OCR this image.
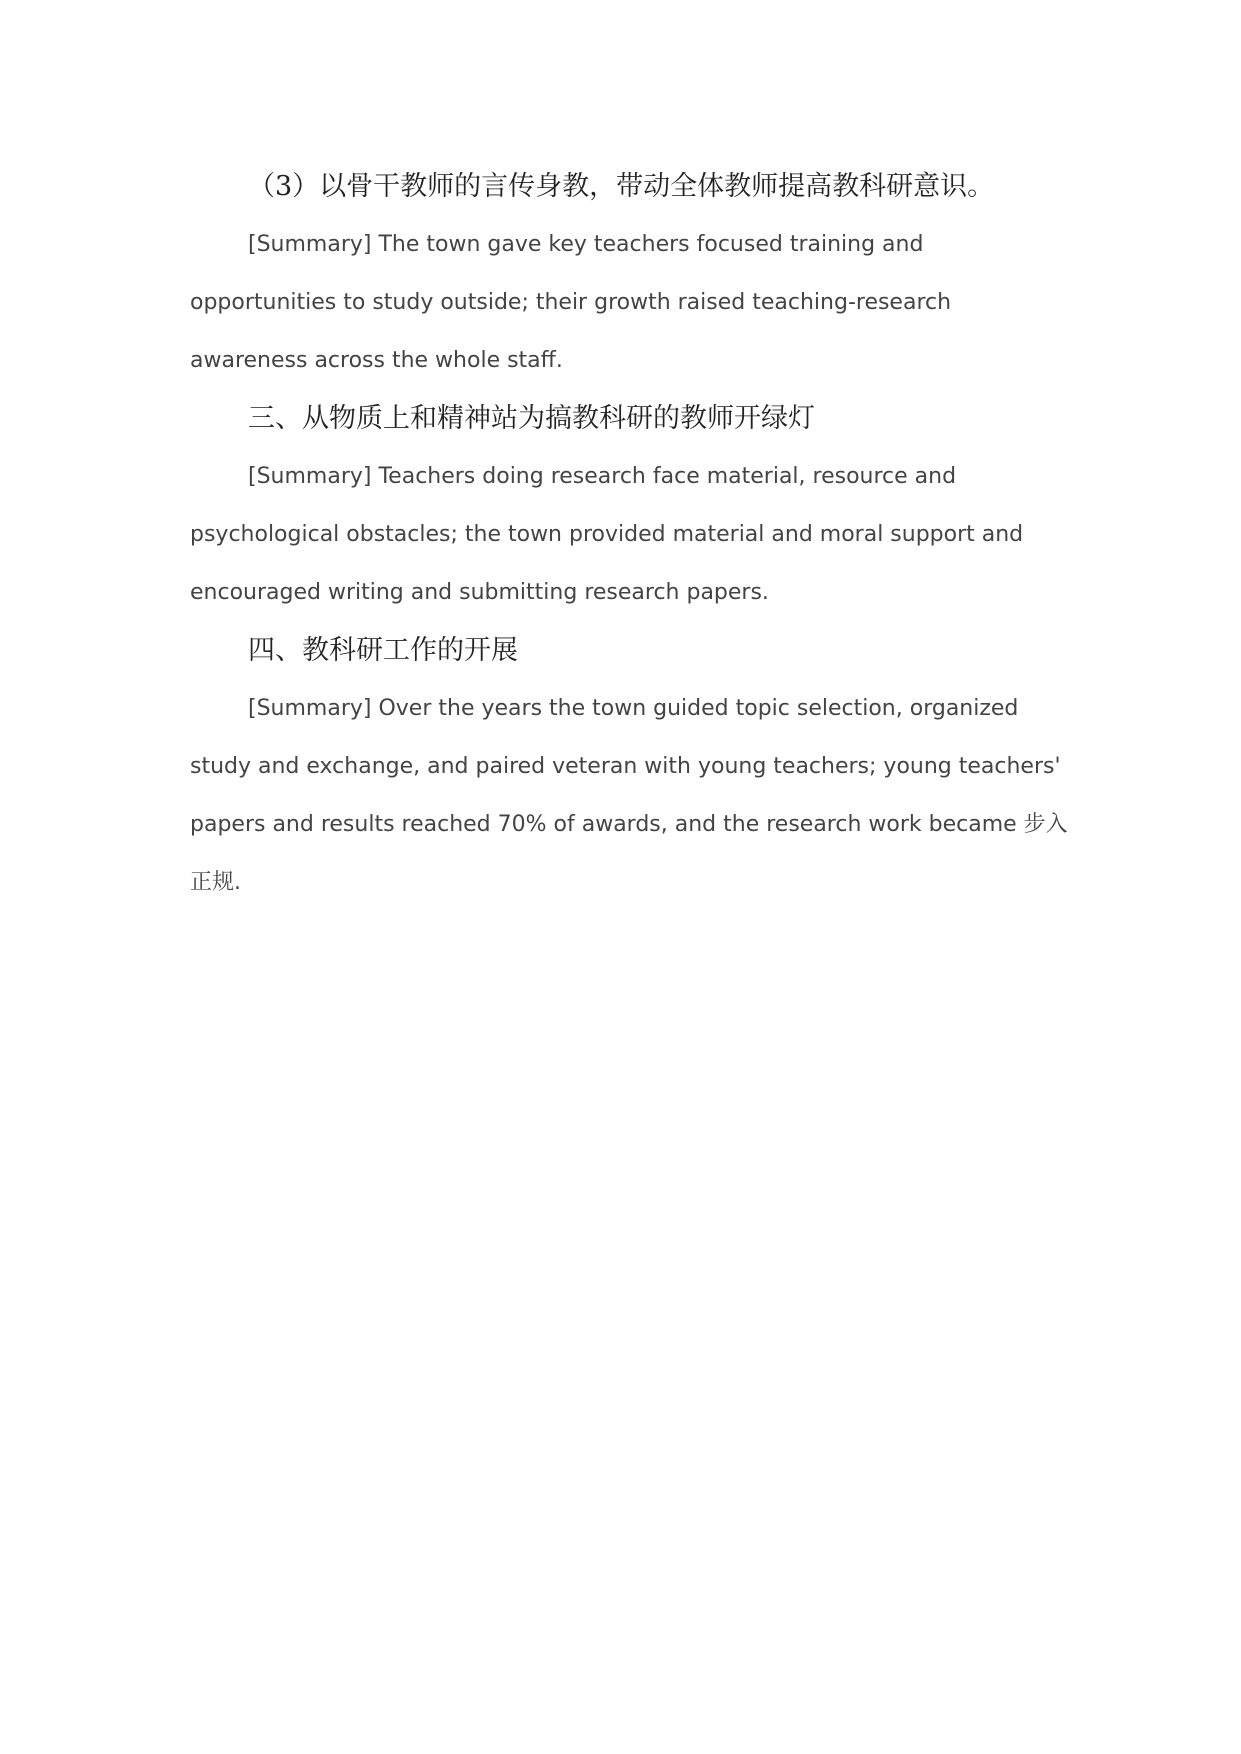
（3）以骨干教师的言传身教，带动全体教师提高教科研意识。

[Summary] The town gave key teachers focused training and opportunities to study outside; their growth raised teaching-research awareness across the whole staff.

三、从物质上和精神站为搞教科研的教师开绿灯

[Summary] Teachers doing research face material, resource and psychological obstacles; the town provided material and moral support and encouraged writing and submitting research papers.

四、教科研工作的开展

[Summary] Over the years the town guided topic selection, organized study and exchange, and paired veteran with young teachers; young teachers' papers and results reached 70% of awards, and the research work became 步入正规.
